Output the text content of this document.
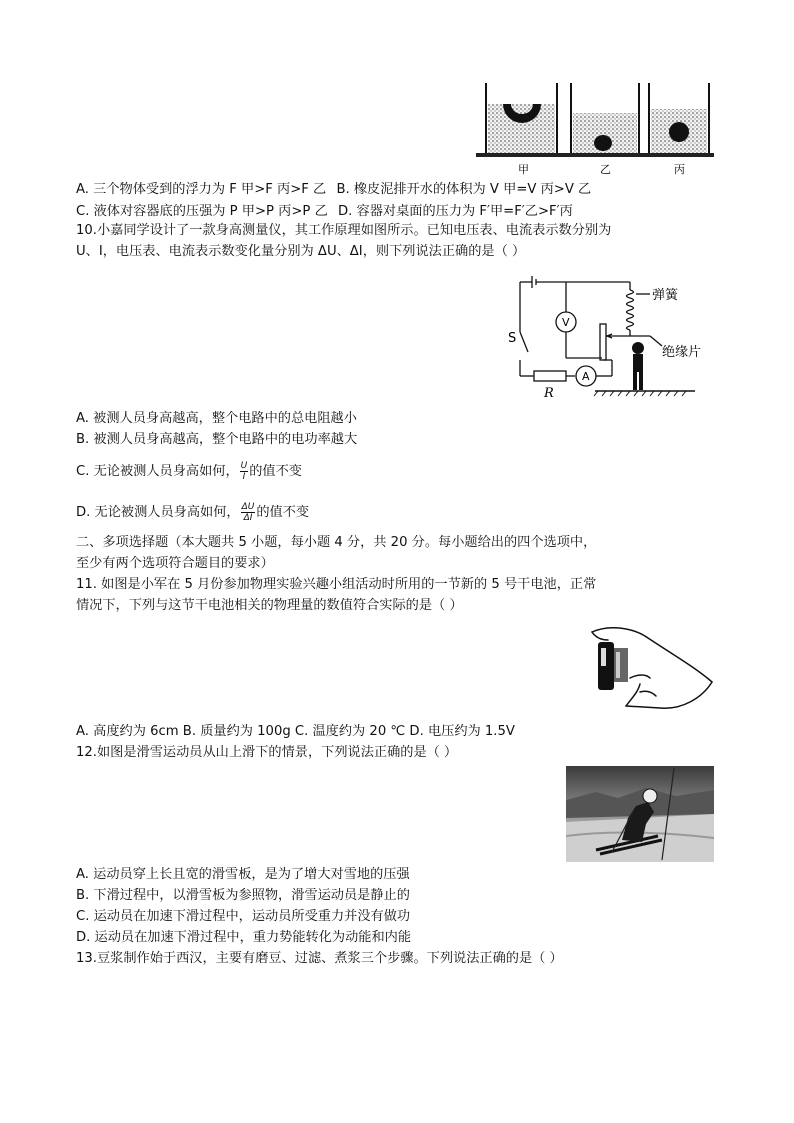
甲	乙	丙
A. 三个物体受到的浮力为 F 甲>F 丙>F 乙 B. 橡皮泥排开水的体积为 V 甲=V 丙>V 乙
C. 液体对容器底的压强为 P 甲>P 丙>P 乙 D. 容器对桌面的压力为 F′甲=F′乙>F′丙
10.小嘉同学设计了一款身高测量仪，其工作原理如图所示。已知电压表、电流表示数分别为
U、I，电压表、电流表示数变化量分别为 ΔU、ΔI，则下列说法正确的是（ ）
V
A
S
R
弹簧
绝缘片
A. 被测人员身高越高，整个电路中的总电阻越小
B. 被测人员身高越高，整个电路中的电功率越大
C. 无论被测人员身高如何， $\frac{U}{I}$ 的值不变
D. 无论被测人员身高如何， $\frac{\Delta U}{\Delta I}$ 的值不变
二、多项选择题（本大题共 5 小题，每小题 4 分，共 20 分。每小题给出的四个选项中，
至少有两个选项符合题目的要求）
11. 如图是小军在 5 月份参加物理实验兴趣小组活动时所用的一节新的 5 号干电池，正常
情况下，下列与这节干电池相关的物理量的数值符合实际的是（ ）
A. 高度约为 6cm B. 质量约为 100g C. 温度约为 20 ℃ D. 电压约为 1.5V
12.如图是滑雪运动员从山上滑下的情景，下列说法正确的是（ ）
A. 运动员穿上长且宽的滑雪板，是为了增大对雪地的压强
B. 下滑过程中，以滑雪板为参照物，滑雪运动员是静止的
C. 运动员在加速下滑过程中，运动员所受重力并没有做功
D. 运动员在加速下滑过程中，重力势能转化为动能和内能
13.豆浆制作始于西汉，主要有磨豆、过滤、煮浆三个步骤。下列说法正确的是（ ）
